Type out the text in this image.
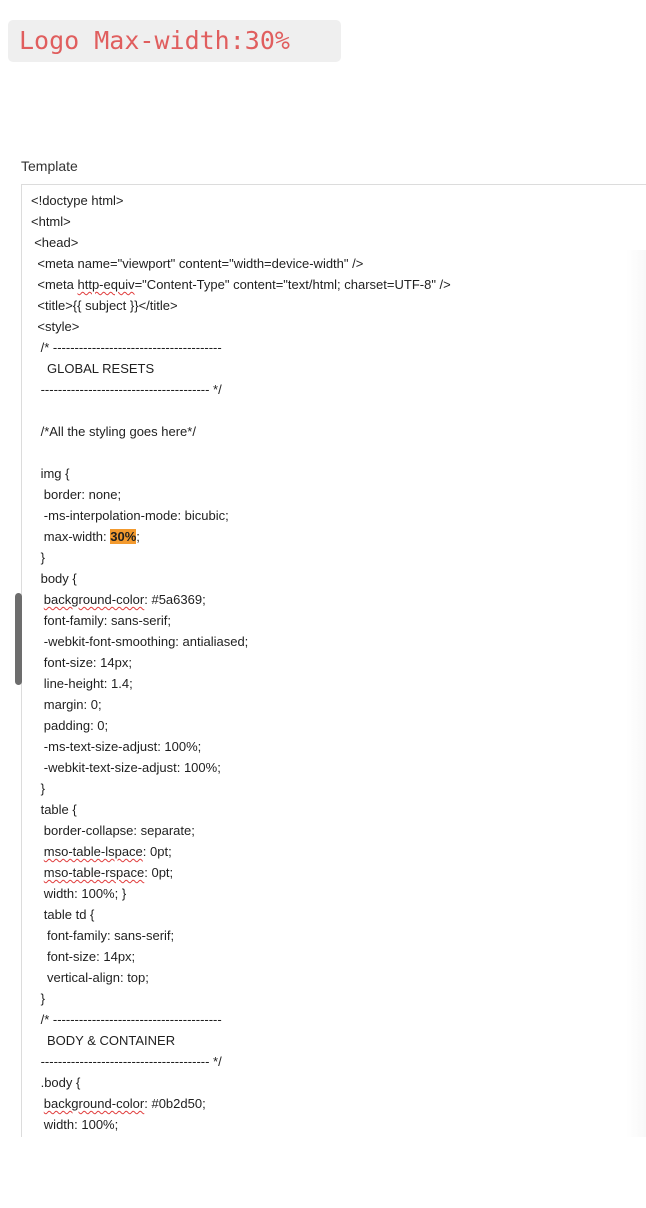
Logo Max-width:30%
Template
<!doctype html>
<html>
<head>
<meta name="viewport" content="width=device-width" />
<meta http-equiv="Content-Type" content="text/html; charset=UTF-8" />
<title>{{ subject }}</title>
<style>
/* ---------------------------------------
GLOBAL RESETS
--------------------------------------- */
/*All the styling goes here*/
img {
border: none;
-ms-interpolation-mode: bicubic;
max-width: 30%;
}
body {
background-color: #5a6369;
font-family: sans-serif;
-webkit-font-smoothing: antialiased;
font-size: 14px;
line-height: 1.4;
margin: 0;
padding: 0;
-ms-text-size-adjust: 100%;
-webkit-text-size-adjust: 100%;
}
table {
border-collapse: separate;
mso-table-lspace: 0pt;
mso-table-rspace: 0pt;
width: 100%; }
table td {
font-family: sans-serif;
font-size: 14px;
vertical-align: top;
}
/* ---------------------------------------
BODY & CONTAINER
--------------------------------------- */
.body {
background-color: #0b2d50;
width: 100%;
